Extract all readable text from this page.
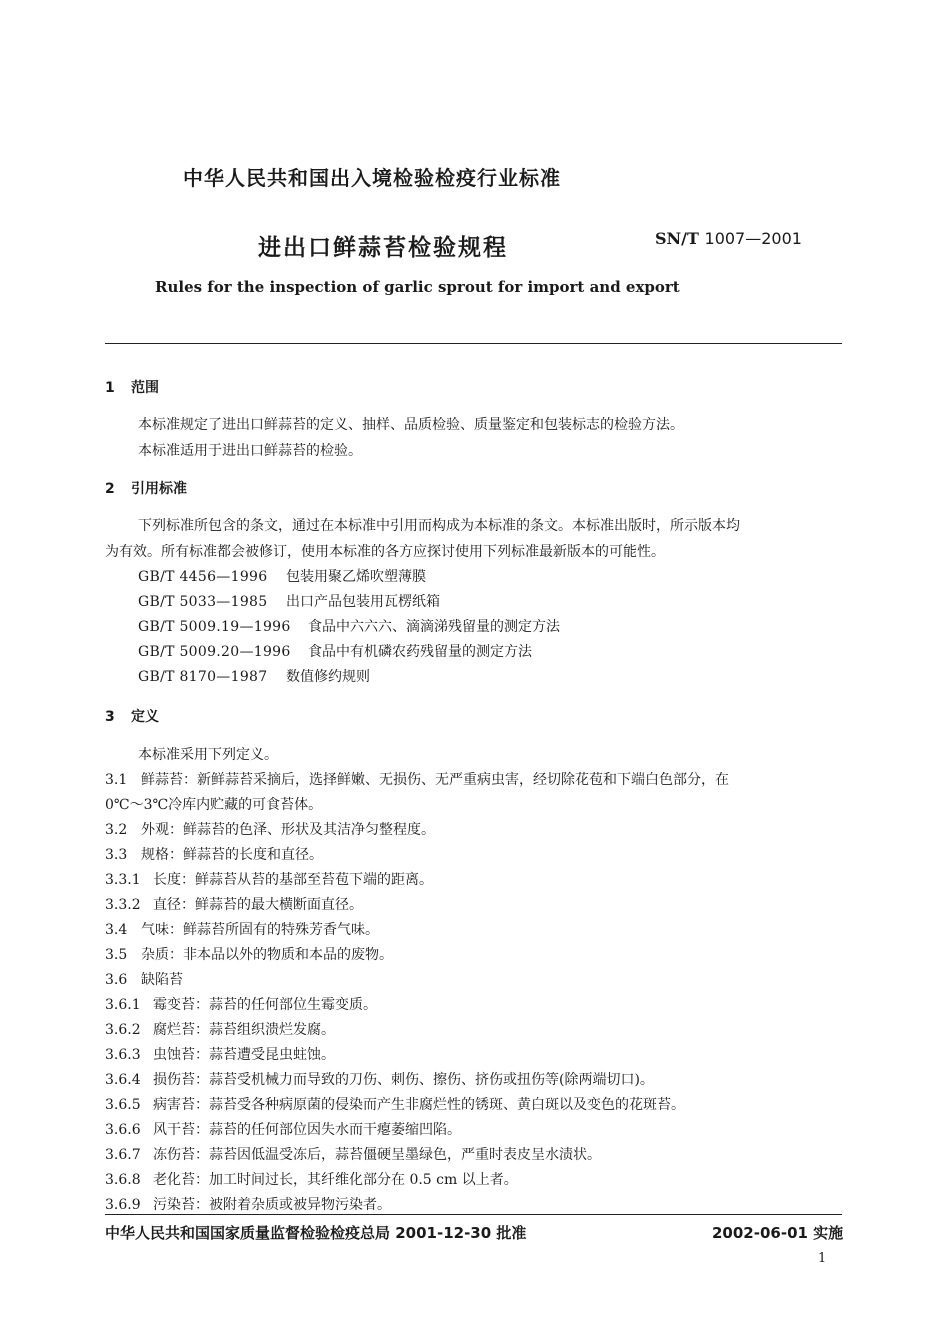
中华人民共和国出入境检验检疫行业标准
进出口鲜蒜苔检验规程	SN/T 1007—2001
Rules for the inspection of garlic sprout for import and export
1 范围
本标准规定了进出口鲜蒜苔的定义、抽样、品质检验、质量鉴定和包装标志的检验方法。
本标准适用于进出口鲜蒜苔的检验。
2 引用标准
下列标准所包含的条文，通过在本标准中引用而构成为本标准的条文。本标准出版时，所示版本均
为有效。所有标准都会被修订，使用本标准的各方应探讨使用下列标准最新版本的可能性。
GB/T 4456—1996 包装用聚乙烯吹塑薄膜
GB/T 5033—1985 出口产品包装用瓦楞纸箱
GB/T 5009.19—1996 食品中六六六、滴滴涕残留量的测定方法
GB/T 5009.20—1996 食品中有机磷农药残留量的测定方法
GB/T 8170—1987 数值修约规则
3 定义
本标准采用下列定义。
3.1 鲜蒜苔：新鲜蒜苔采摘后，选择鲜嫩、无损伤、无严重病虫害，经切除花苞和下端白色部分，在
0℃～3℃冷库内贮藏的可食苔体。
3.2 外观：鲜蒜苔的色泽、形状及其洁净匀整程度。
3.3 规格：鲜蒜苔的长度和直径。
3.3.1 长度：鲜蒜苔从苔的基部至苔苞下端的距离。
3.3.2 直径：鲜蒜苔的最大横断面直径。
3.4 气味：鲜蒜苔所固有的特殊芳香气味。
3.5 杂质：非本品以外的物质和本品的废物。
3.6 缺陷苔
3.6.1 霉变苔：蒜苔的任何部位生霉变质。
3.6.2 腐烂苔：蒜苔组织溃烂发腐。
3.6.3 虫蚀苔：蒜苔遭受昆虫蛀蚀。
3.6.4 损伤苔：蒜苔受机械力而导致的刀伤、刺伤、擦伤、挤伤或扭伤等(除两端切口)。
3.6.5 病害苔：蒜苔受各种病原菌的侵染而产生非腐烂性的锈斑、黄白斑以及变色的花斑苔。
3.6.6 风干苔：蒜苔的任何部位因失水而干瘪萎缩凹陷。
3.6.7 冻伤苔：蒜苔因低温受冻后，蒜苔僵硬呈墨绿色，严重时表皮呈水渍状。
3.6.8 老化苔：加工时间过长，其纤维化部分在 0.5 cm 以上者。
3.6.9 污染苔：被附着杂质或被异物污染者。
中华人民共和国国家质量监督检验检疫总局 2001-12-30 批准	2002-06-01 实施
1
